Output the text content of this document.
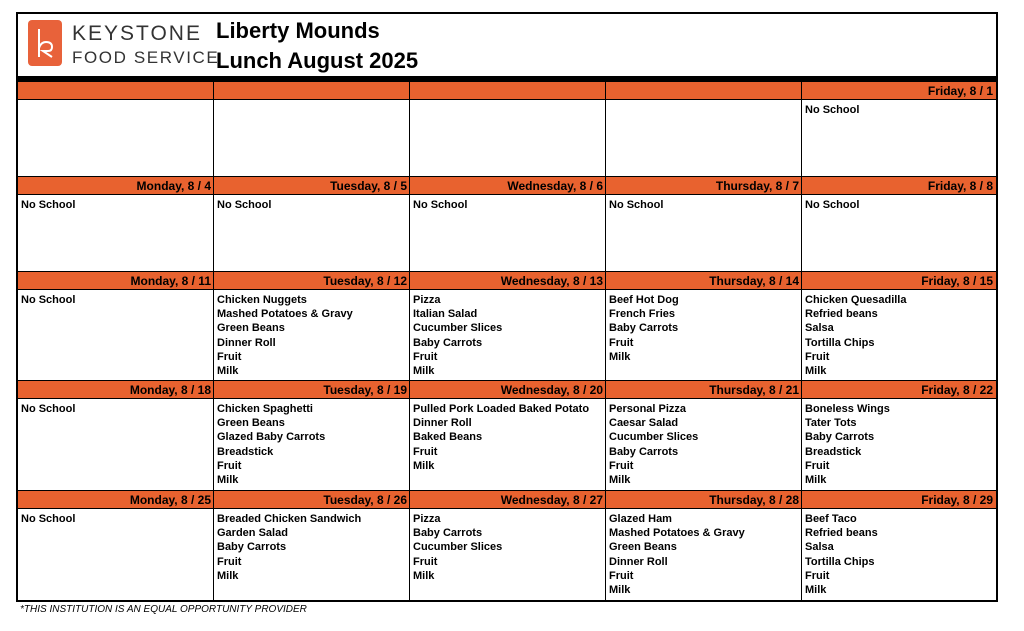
KEYSTONE
FOOD SERVICE
Liberty Mounds
Lunch August 2025
Friday, 8 / 1
No School
Monday, 8 / 4
No School
Tuesday, 8 / 5
No School
Wednesday, 8 / 6
No School
Thursday, 8 / 7
No School
Friday, 8 / 8
No School
Monday, 8 / 11
No School
Tuesday, 8 / 12
Chicken Nuggets
Mashed Potatoes & Gravy
Green Beans
Dinner Roll
Fruit
Milk
Wednesday, 8 / 13
Pizza
Italian Salad
Cucumber Slices
Baby Carrots
Fruit
Milk
Thursday, 8 / 14
Beef Hot Dog
French Fries
Baby Carrots
Fruit
Milk
Friday, 8 / 15
Chicken Quesadilla
Refried beans
Salsa
Tortilla Chips
Fruit
Milk
Monday, 8 / 18
No School
Tuesday, 8 / 19
Chicken Spaghetti
Green Beans
Glazed Baby Carrots
Breadstick
Fruit
Milk
Wednesday, 8 / 20
Pulled Pork Loaded Baked Potato
Dinner Roll
Baked Beans
Fruit
Milk
Thursday, 8 / 21
Personal Pizza
Caesar Salad
Cucumber Slices
Baby Carrots
Fruit
Milk
Friday, 8 / 22
Boneless Wings
Tater Tots
Baby Carrots
Breadstick
Fruit
Milk
Monday, 8 / 25
No School
Tuesday, 8 / 26
Breaded Chicken Sandwich
Garden Salad
Baby Carrots
Fruit
Milk
Wednesday, 8 / 27
Pizza
Baby Carrots
Cucumber Slices
Fruit
Milk
Thursday, 8 / 28
Glazed Ham
Mashed Potatoes & Gravy
Green Beans
Dinner Roll
Fruit
Milk
Friday, 8 / 29
Beef Taco
Refried beans
Salsa
Tortilla Chips
Fruit
Milk
*THIS INSTITUTION IS AN EQUAL OPPORTUNITY PROVIDER
